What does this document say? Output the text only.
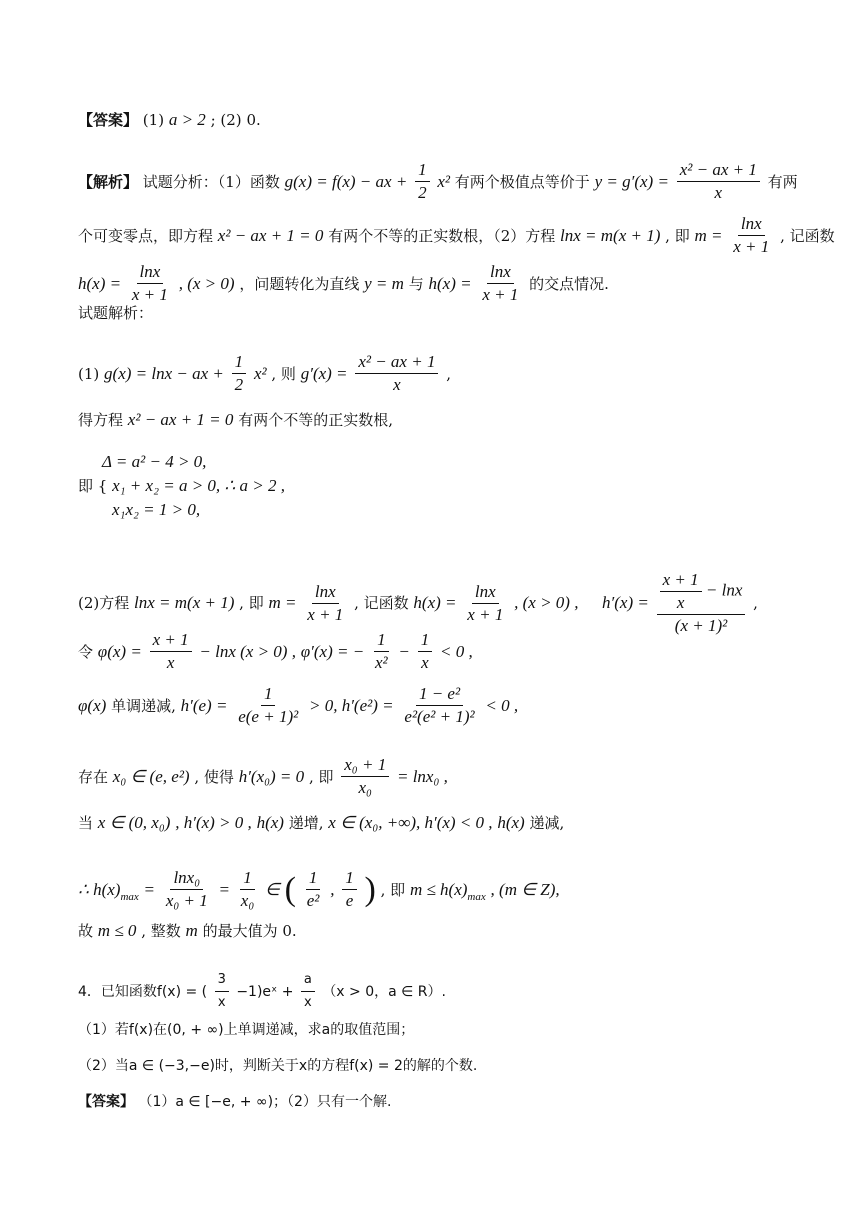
【答案】 (1) a > 2 ; (2) 0.
【解析】 试题分析：（1）函数 g(x) = f(x) − ax + $\frac{1}{2} x^2$ 有两个极值点等价于 $y = g'(x) = \frac{\text{x² − ax + 1}}{x}$ 有两
个可变零点，即方程 x² − ax + 1 = 0 有两个不等的正实数根，（2）方程 lnx = m(x + 1) , 即 $m = \frac{\ln x}{x + 1}$ , 记函数
$h(x) = \frac{\ln x}{x + 1}$ , (x > 0) ，问题转化为直线 y = m 与 $h(x) = \frac{\ln x}{x + 1}$ 的交点情况.
试题解析：
(1) g(x) = lnx − ax + $\frac{1}{2} x^2$ , 则 $g'(x) = \frac{\text{x² − ax + 1}}{x}$ ,
得方程 x² − ax + 1 = 0 有两个不等的正实数根,
Δ = a² − 4 > 0,
即 { x₁ + x₂ = a > 0, ∴ a > 2 ,
x₁x₂ = 1 > 0,
(2)方程 lnx = m(x + 1) , 即 $m = \frac{\ln x}{x + 1}$ , 记函数 $h(x) = \frac{\ln x}{x + 1}$ , (x > 0) , $h'(x) = \frac{\frac{x + 1}{x} - \ln x}{\text{(x + 1)²}}$ ,
令 $\varphi(x) = \frac{x + 1}{x} - \ln x$ (x > 0) , φ′(x) = − $\frac{1}{\text{x²}} - \frac{1}{x} < 0$ ,
φ(x) 单调递减, $h'(e) = \frac{1}{\text{e(e + 1)²}} > 0$, $h'(e^2) = \frac{\text{1 − e²}}{\text{e²(e² + 1)²}} < 0$ ,
存在 x₀ ∈ (e, e²) , 使得 h′(x₀) = 0 , 即 $\frac{\text{x₀ + 1}}{\text{x₀}} = \ln x_0$ ,
当 x ∈ (0, x₀) , h′(x) > 0 , h(x) 递增, x ∈ (x₀, +∞), h′(x) < 0 , h(x) 递减,
∴ $h(x)\max = \frac{\text{lnx₀}}{\text{x₀ + 1}} = \frac{1}{\text{x₀}}$ ∈ ( $\frac{1}{\text{e²}}$ , $\frac{1}{e}$ ) , 即 m ≤ h(x)max , (m ∈ Z),
故 m ≤ 0 , 整数 m 的最大值为 0.
4．已知函数f(x) = ( $\frac{3}{x}$ −1)eˣ + $\frac{a}{x} (x > 0$，a ∈ R）.
（1）若f(x)在(0, + ∞)上单调递减，求a的取值范围；
（2）当a ∈ (−3,−e)时，判断关于x的方程f(x) = 2的解的个数.
【答案】 （1）a ∈ [−e, + ∞)；（2）只有一个解.
